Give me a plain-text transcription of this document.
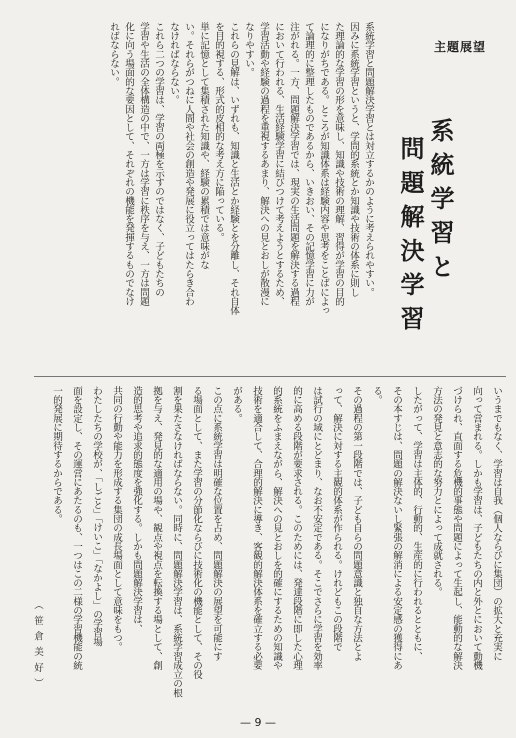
主題展望
系統学習と
問題解決学習
系統学習と問題解決学習とは対立するかのように考えられやすい。
因みに系統学習というと、学問的系統とか知識や技術の体系に則し
た理論的な学習の形を意味し、知識や技術の理解、習得が学習の目的
になりがちである。ところが知識体系は経験内容や思考をことばによっ
て論理的に整理したものであるから、いきおい、その記憶学習に力が
注がれる。一方、問題解決学習では、現実の生活問題を解決する過程
において行われる、生活経験学習に結びつけて考えようとするため、
学習活動や経験の過程を重視するあまり、解決への見とおしが散漫に
なりやすい。
これらの見解は、いずれも、知識と生活とか経験とを分離し、それ自体
を目的視する、形式的皮相的な考え方に陥っている。
単に記憶として集積された知識や、経験の累積では意味がな
い。それらがつねに人間や社会の創造や発展に役立ってはたらき合わ
なければならない。
これら二つの学習は、学習の両極を示すのではなく、子どもたちの
学習や生活の全体構造の中で、一方は学習に秩序を与え、一方は問題
化に向う場面的な要因として、それぞれの機能を発揮するものでなけ
ればならない。
いうまでもなく、学習は自我（個人ならびに集団）の拡大と充実に
向って営まれる。しかも学習は、子どもたちの内と外とにおいて動機
づけられ、直面する危機的事態や問題によって生起し、能動的な解決
方法の発見と意志的な努力とによって成就される。
したがって、学習は主体的、行動的、生産的に行われるとともに、
その本すじは、問題の解決ないし緊張の解消による安定感の獲得にあ
る。
その過程の第一段階では、子ども自らの問題意識と独自な方法とよ
って、解決に対する主観的体系が作られる。けれどもこの段階で
は試行の域にとどまり、なお不安定である。そこでさらに学習を効率
的に高める段階が要求される。このためには、発達段階に即した心理
的系統をふまえながら、解決への見とおしを的確にするための知識や
技術を適合して、合理的解決に導き、客観的解決体系を確立する必要
がある。
この点に系統学習は明確な位置を占め、問題解決の展望を可能にす
る場面として、また学習の分節化ならびに技術化の機能として、その役
割を果たさなければならない。同時に、問題解決学習は、系統学習成立の根
拠を与え、発見的な適用の場や、観点や視点を転換する場として、創
造的思考や追求的態度を強化する。しかも問題解決学習は、
共同の行動や能力を形成する集団の成長場面として意味をもつ。
わたしたちの学校が、「しごと」「けいこ」「なかよし」の学習場
面を設定し、その運営にあたるのも、一つはこの二様の学習機能の統
一的発展に期待するからである。
（笹倉美好）
— 9 —
